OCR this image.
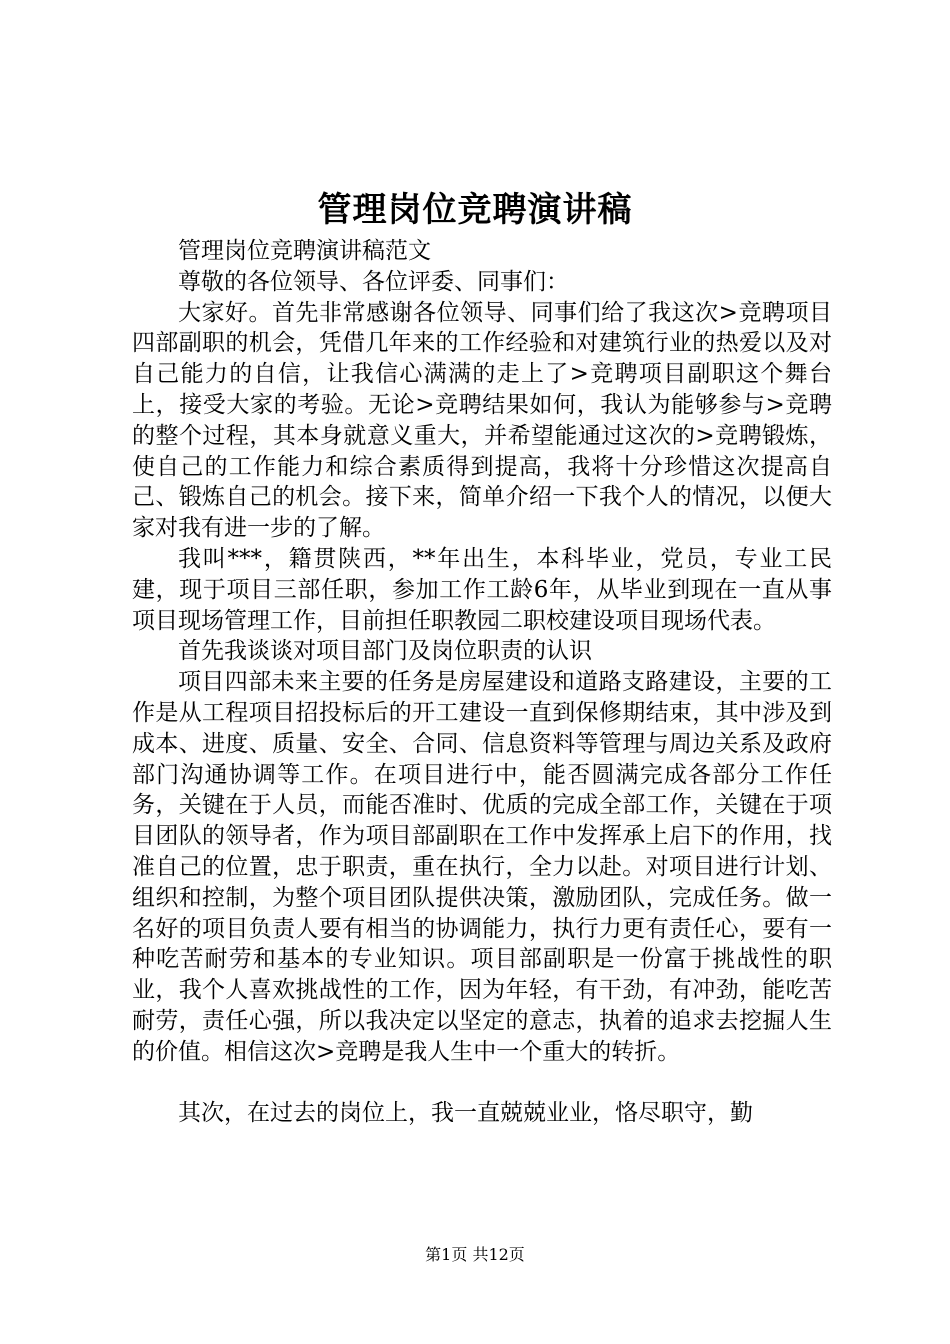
管理岗位竞聘演讲稿

管理岗位竞聘演讲稿范文

尊敬的各位领导、各位评委、同事们：

大家好。首先非常感谢各位领导、同事们给了我这次>竞聘项目四部副职的机会，凭借几年来的工作经验和对建筑行业的热爱以及对自己能力的自信，让我信心满满的走上了>竞聘项目副职这个舞台上，接受大家的考验。无论>竞聘结果如何，我认为能够参与>竞聘的整个过程，其本身就意义重大，并希望能通过这次的>竞聘锻炼，使自己的工作能力和综合素质得到提高，我将十分珍惜这次提高自己、锻炼自己的机会。接下来，简单介绍一下我个人的情况，以便大家对我有进一步的了解。

我叫***，籍贯陕西，**年出生，本科毕业，党员，专业工民建，现于项目三部任职，参加工作工龄6年，从毕业到现在一直从事项目现场管理工作，目前担任职教园二职校建设项目现场代表。

首先我谈谈对项目部门及岗位职责的认识

项目四部未来主要的任务是房屋建设和道路支路建设，主要的工作是从工程项目招投标后的开工建设一直到保修期结束，其中涉及到成本、进度、质量、安全、合同、信息资料等管理与周边关系及政府部门沟通协调等工作。在项目进行中，能否圆满完成各部分工作任务，关键在于人员，而能否准时、优质的完成全部工作，关键在于项目团队的领导者，作为项目部副职在工作中发挥承上启下的作用，找准自己的位置，忠于职责，重在执行，全力以赴。对项目进行计划、组织和控制，为整个项目团队提供决策，激励团队，完成任务。做一名好的项目负责人要有相当的协调能力，执行力更有责任心，要有一种吃苦耐劳和基本的专业知识。项目部副职是一份富于挑战性的职业，我个人喜欢挑战性的工作，因为年轻，有干劲，有冲劲，能吃苦耐劳，责任心强，所以我决定以坚定的意志，执着的追求去挖掘人生的价值。相信这次>竞聘是我人生中一个重大的转折。

其次，在过去的岗位上，我一直兢兢业业，恪尽职守，勤

第1页 共12页
